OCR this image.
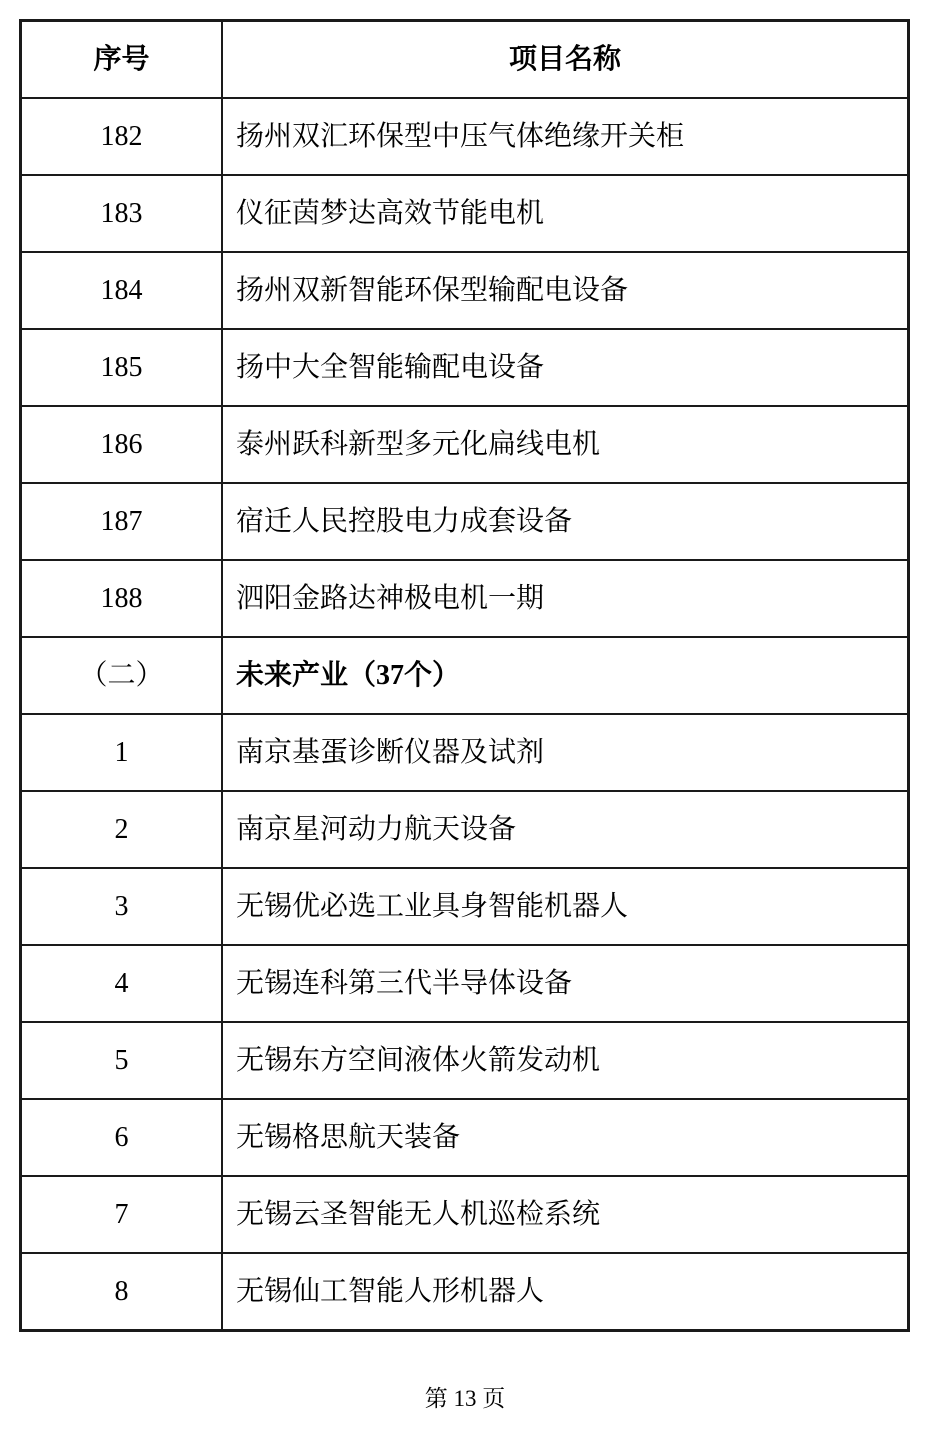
序号	项目名称
182	扬州双汇环保型中压气体绝缘开关柜
183	仪征茵梦达高效节能电机
184	扬州双新智能环保型输配电设备
185	扬中大全智能输配电设备
186	泰州跃科新型多元化扁线电机
187	宿迁人民控股电力成套设备
188	泗阳金路达神极电机一期
（二）	未来产业（37个）
1	南京基蛋诊断仪器及试剂
2	南京星河动力航天设备
3	无锡优必选工业具身智能机器人
4	无锡连科第三代半导体设备
5	无锡东方空间液体火箭发动机
6	无锡格思航天装备
7	无锡云圣智能无人机巡检系统
8	无锡仙工智能人形机器人
第 13 页
